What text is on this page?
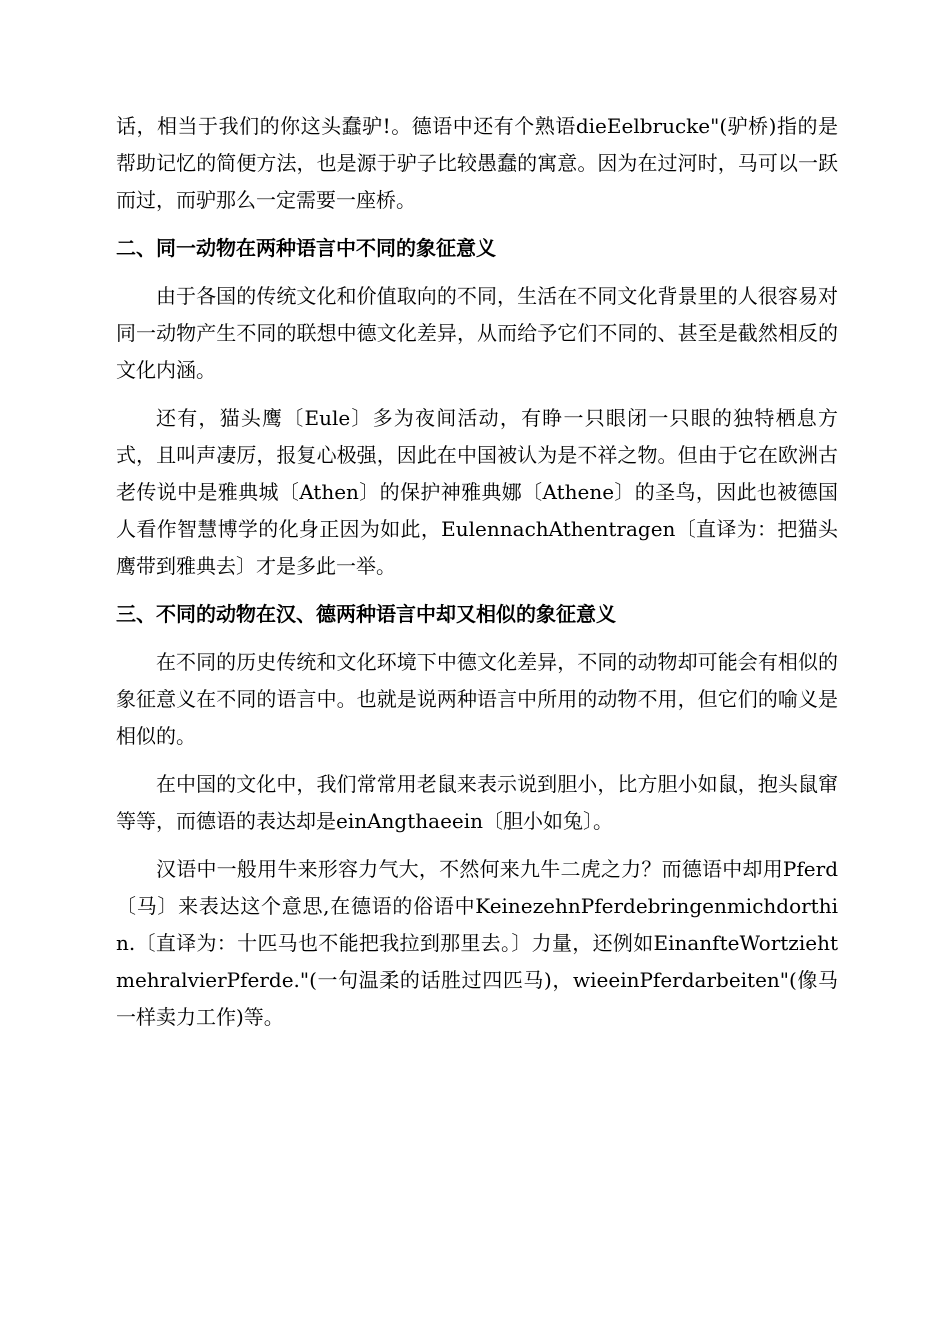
话，相当于我们的你这头蠢驴!。德语中还有个熟语dieEelbrucke"(驴桥)指的是帮助记忆的简便方法，也是源于驴子比较愚蠢的寓意。因为在过河时，马可以一跃而过，而驴那么一定需要一座桥。

二、同一动物在两种语言中不同的象征意义

由于各国的传统文化和价值取向的不同，生活在不同文化背景里的人很容易对同一动物产生不同的联想中德文化差异，从而给予它们不同的、甚至是截然相反的文化内涵。

还有，猫头鹰〔Eule〕多为夜间活动，有睁一只眼闭一只眼的独特栖息方式，且叫声凄厉，报复心极强，因此在中国被认为是不祥之物。但由于它在欧洲古老传说中是雅典城〔Athen〕的保护神雅典娜〔Athene〕的圣鸟，因此也被德国人看作智慧博学的化身正因为如此，EulennachAthentragen〔直译为：把猫头鹰带到雅典去〕才是多此一举。

三、不同的动物在汉、德两种语言中却又相似的象征意义

在不同的历史传统和文化环境下中德文化差异，不同的动物却可能会有相似的象征意义在不同的语言中。也就是说两种语言中所用的动物不用，但它们的喻义是相似的。

在中国的文化中，我们常常用老鼠来表示说到胆小，比方胆小如鼠，抱头鼠窜等等，而德语的表达却是einAngthaeein〔胆小如兔〕。

汉语中一般用牛来形容力气大，不然何来九牛二虎之力？而德语中却用Pferd〔马〕来表达这个意思,在德语的俗语中KeinezehnPferdebringenmichdorthin.〔直译为：十匹马也不能把我拉到那里去。〕力量，还例如EinanfteWortziehtmehralvierPferde."(一句温柔的话胜过四匹马)，wieeinPferdarbeiten"(像马一样卖力工作)等。
